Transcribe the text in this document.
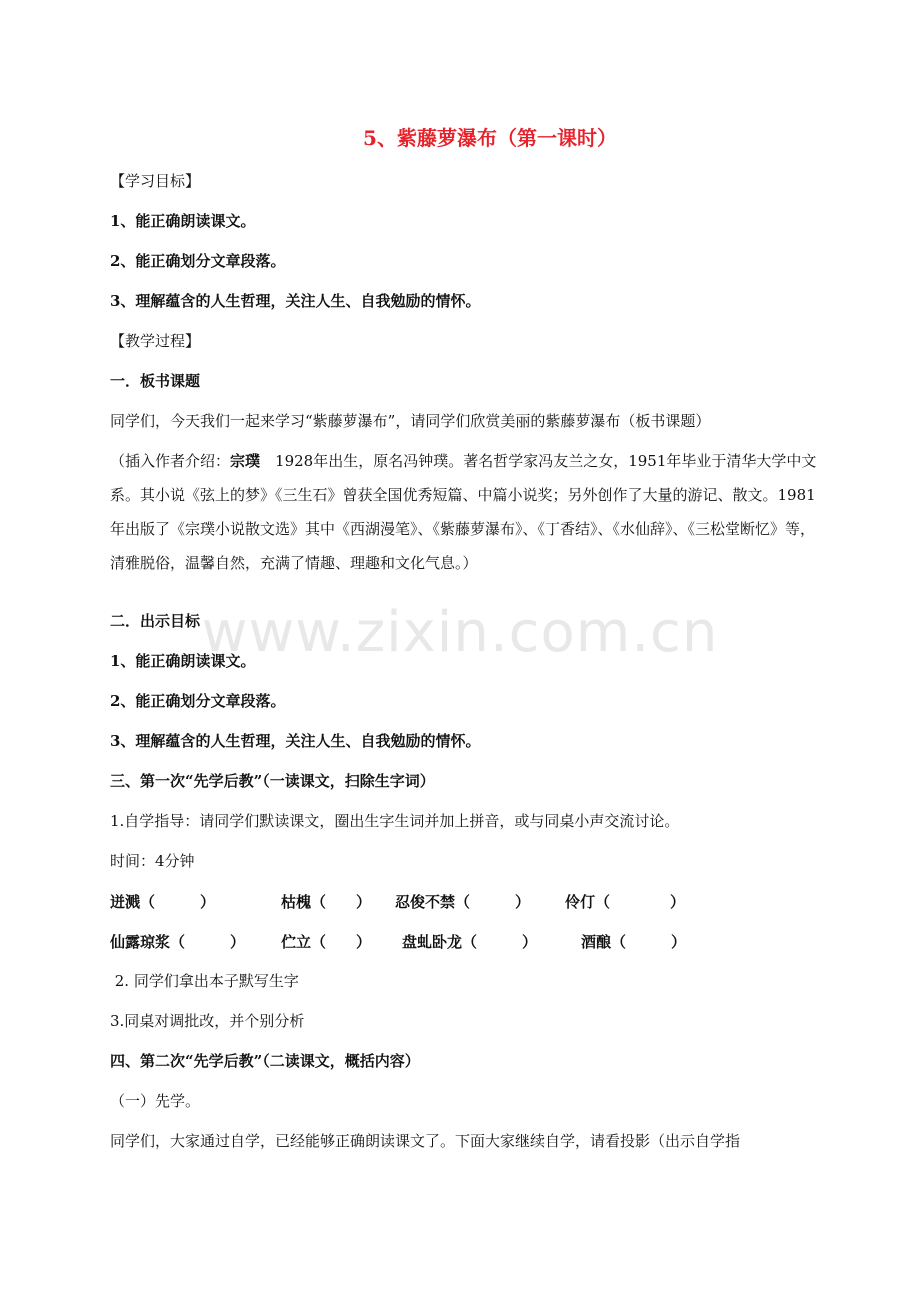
5、紫藤萝瀑布（第一课时）
【学习目标】
1、能正确朗读课文。
2、能正确划分文章段落。
3、理解蕴含的人生哲理，关注人生、自我勉励的情怀。
【教学过程】
一．板书课题
同学们，今天我们一起来学习“紫藤萝瀑布”，请同学们欣赏美丽的紫藤萝瀑布（板书课题）

（插入作者介绍：宗璞　1928年出生，原名冯钟璞。著名哲学家冯友兰之女，1951年毕业于清华大学中文系。其小说《弦上的梦》《三生石》曾获全国优秀短篇、中篇小说奖；另外创作了大量的游记、散文。1981年出版了《宗璞小说散文选》其中《西湖漫笔》、《紫藤萝瀑布》、《丁香结》、《水仙辞》、《三松堂断忆》等，清雅脱俗，温馨自然，充满了情趣、理趣和文化气息。）

二．出示目标
1、能正确朗读课文。
2、能正确划分文章段落。
3、理解蕴含的人生哲理，关注人生、自我勉励的情怀。
三、第一次“先学后教”（一读课文，扫除生字词）
1.自学指导：请同学们默读课文，圈出生字生词并加上拼音，或与同桌小声交流讨论。
时间：4分钟
迸溅（　　　）	枯槐（　　） 忍俊不禁（　　　） 伶仃（　　　　）
仙露琼浆（　　　） 伫立（　　） 盘虬卧龙（　　　）	酒酿（　　　）
2. 同学们拿出本子默写生字
3.同桌对调批改，并个别分析
四、第二次“先学后教”（二读课文，概括内容）
（一）先学。
同学们，大家通过自学，已经能够正确朗读课文了。下面大家继续自学，请看投影（出示自学指
www.zixin.com.cn
